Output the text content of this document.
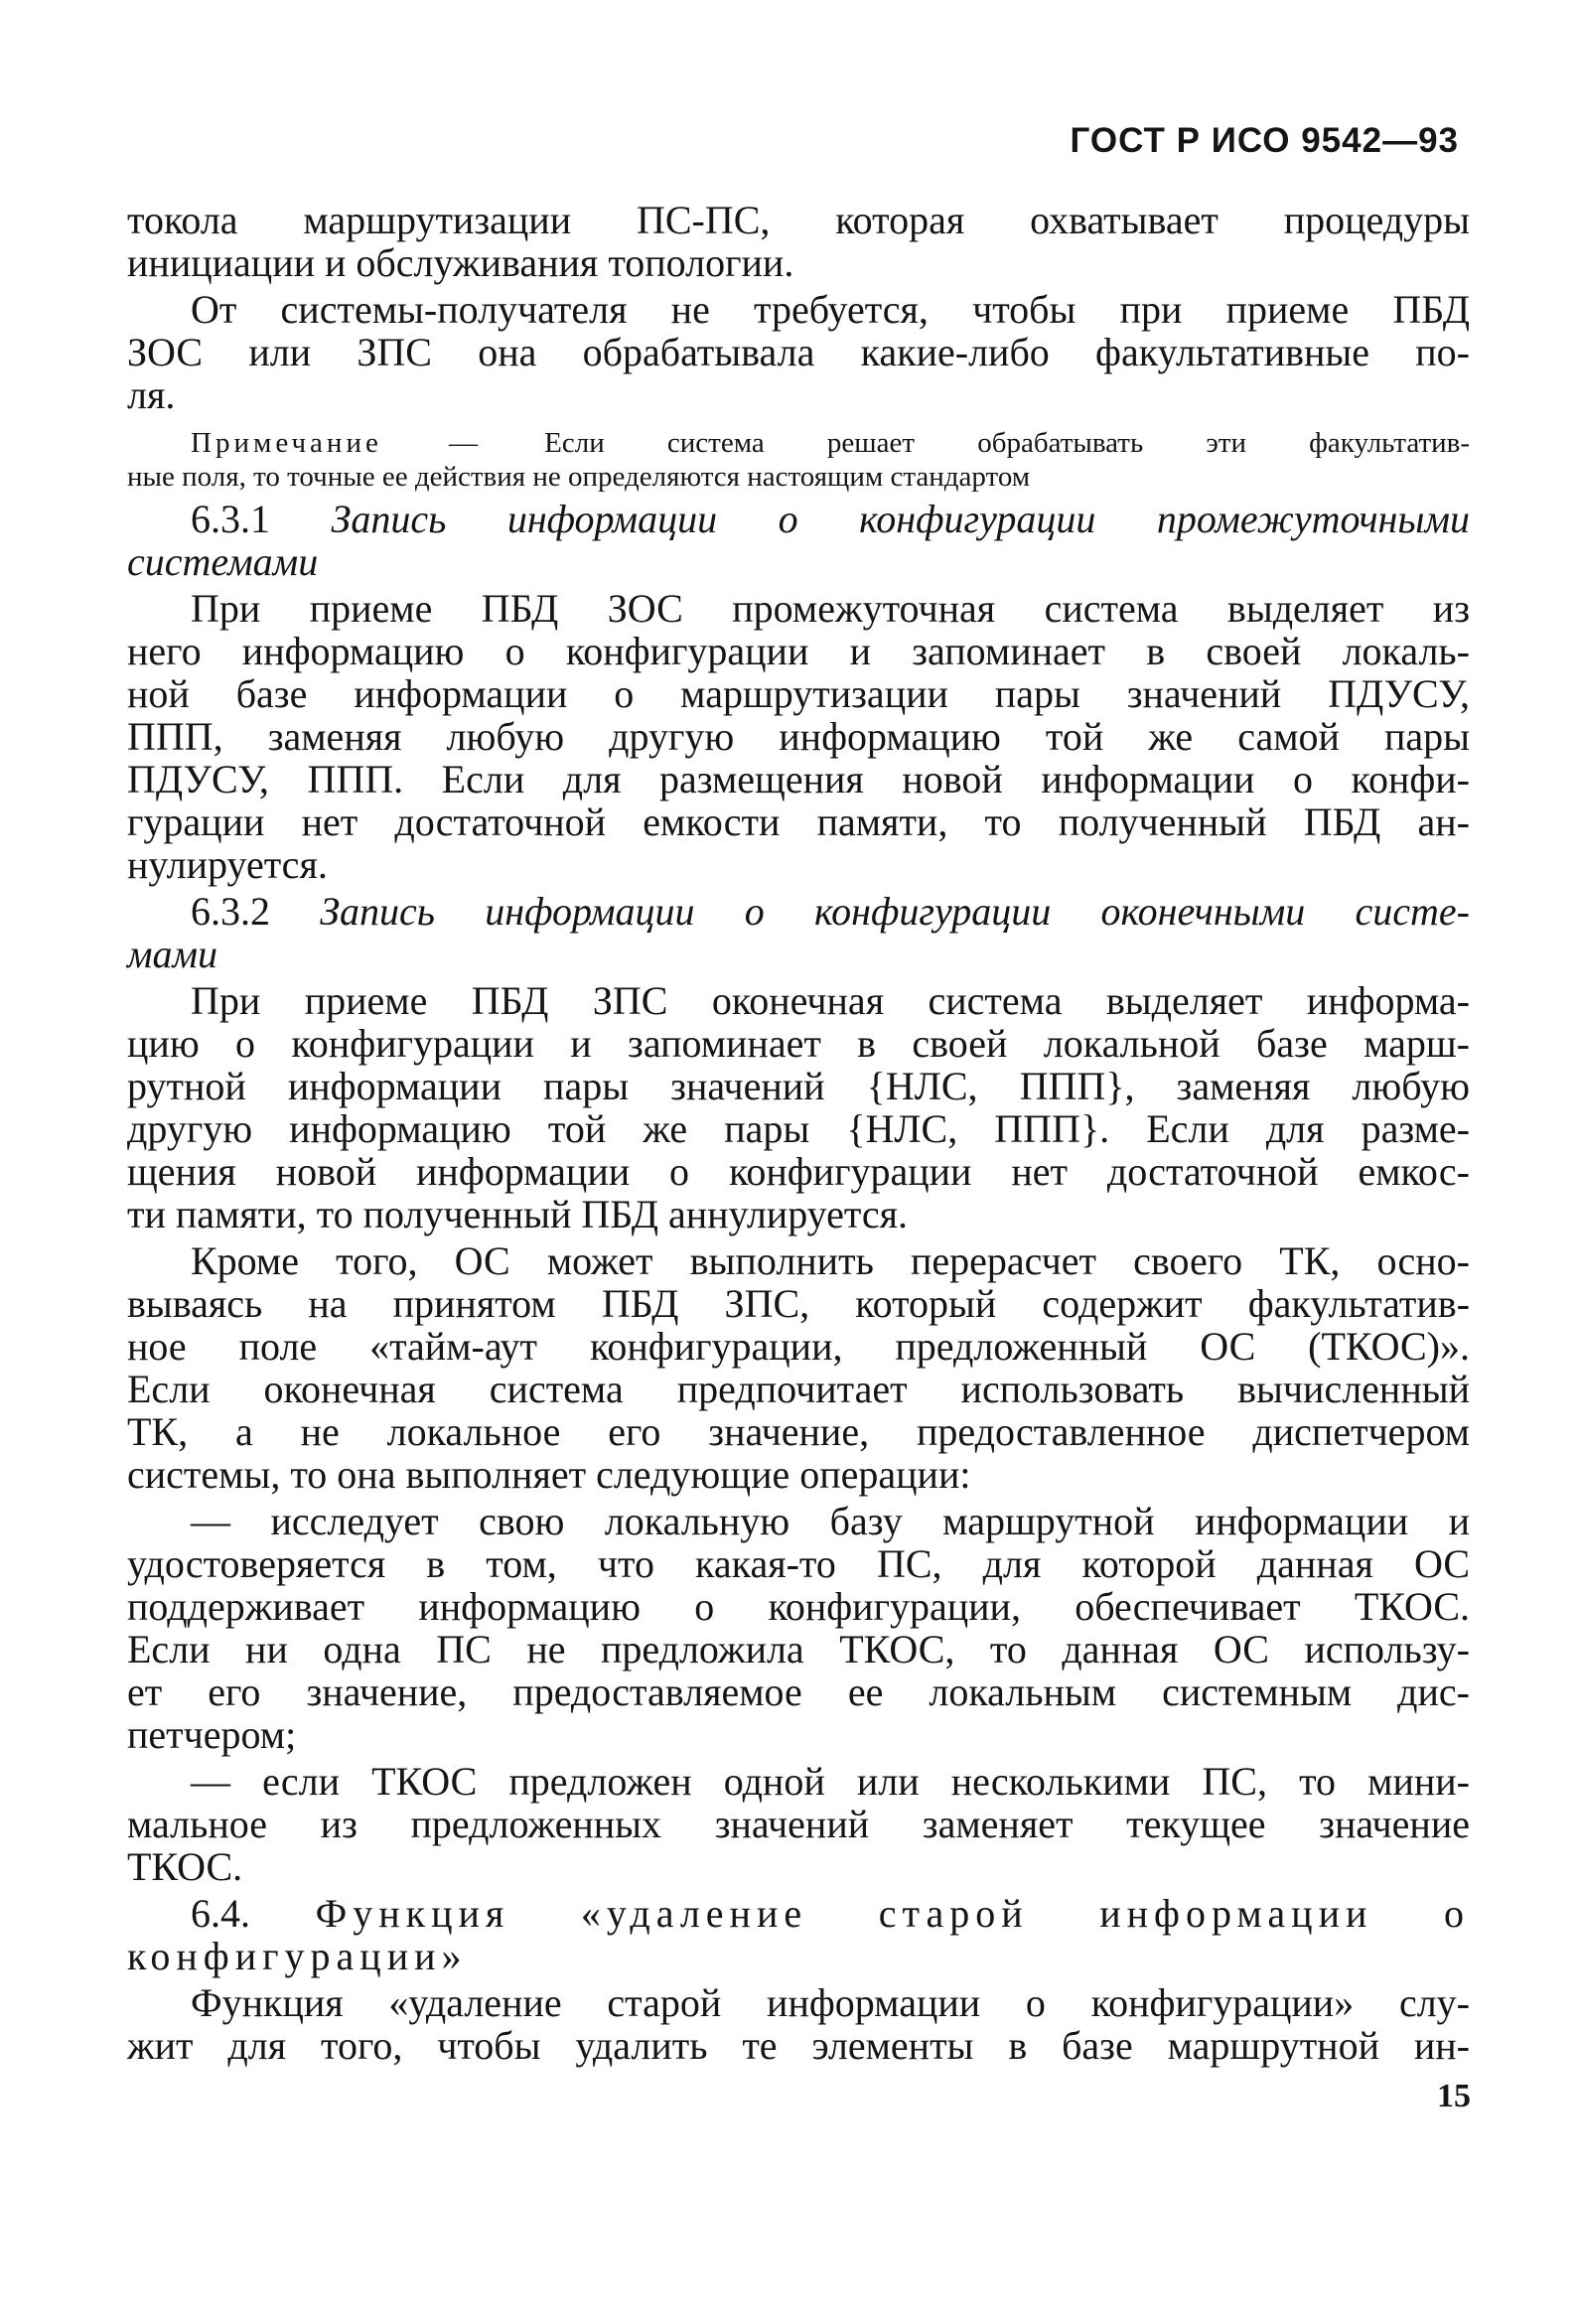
ГОСТ Р ИСО 9542—93
токола маршрутизации ПС-ПС, которая охватывает процедуры
инициации и обслуживания топологии.
От системы-получателя не требуется, чтобы при приеме ПБД
ЗОС или ЗПС она обрабатывала какие-либо факультативные по-
ля.
Примечание — Если система решает обрабатывать эти факультатив-
ные поля, то точные ее действия не определяются настоящим стандартом
6.3.1 Запись информации о конфигурации промежуточными
системами
При приеме ПБД ЗОС промежуточная система выделяет из
него информацию о конфигурации и запоминает в своей локаль-
ной базе информации о маршрутизации пары значений ПДУСУ,
ППП, заменяя любую другую информацию той же самой пары
ПДУСУ, ППП. Если для размещения новой информации о конфи-
гурации нет достаточной емкости памяти, то полученный ПБД ан-
нулируется.
6.3.2 Запись информации о конфигурации оконечными систе-
мами
При приеме ПБД ЗПС оконечная система выделяет информа-
цию о конфигурации и запоминает в своей локальной базе марш-
рутной информации пары значений {НЛС, ППП}, заменяя любую
другую информацию той же пары {НЛС, ППП}. Если для разме-
щения новой информации о конфигурации нет достаточной емкос-
ти памяти, то полученный ПБД аннулируется.
Кроме того, ОС может выполнить перерасчет своего ТК, осно-
вываясь на принятом ПБД ЗПС, который содержит факультатив-
ное поле «тайм-аут конфигурации, предложенный ОС (ТКОС)».
Если оконечная система предпочитает использовать вычисленный
ТК, а не локальное его значение, предоставленное диспетчером
системы, то она выполняет следующие операции:
— исследует свою локальную базу маршрутной информации и
удостоверяется в том, что какая-то ПС, для которой данная ОС
поддерживает информацию о конфигурации, обеспечивает ТКОС.
Если ни одна ПС не предложила ТКОС, то данная ОС использу-
ет его значение, предоставляемое ее локальным системным дис-
петчером;
— если ТКОС предложен одной или несколькими ПС, то мини-
мальное из предложенных значений заменяет текущее значение
ТКОС.
6.4. Функция «удаление старой информации о
конфигурации»
Функция «удаление старой информации о конфигурации» слу-
жит для того, чтобы удалить те элементы в базе маршрутной ин-
15
